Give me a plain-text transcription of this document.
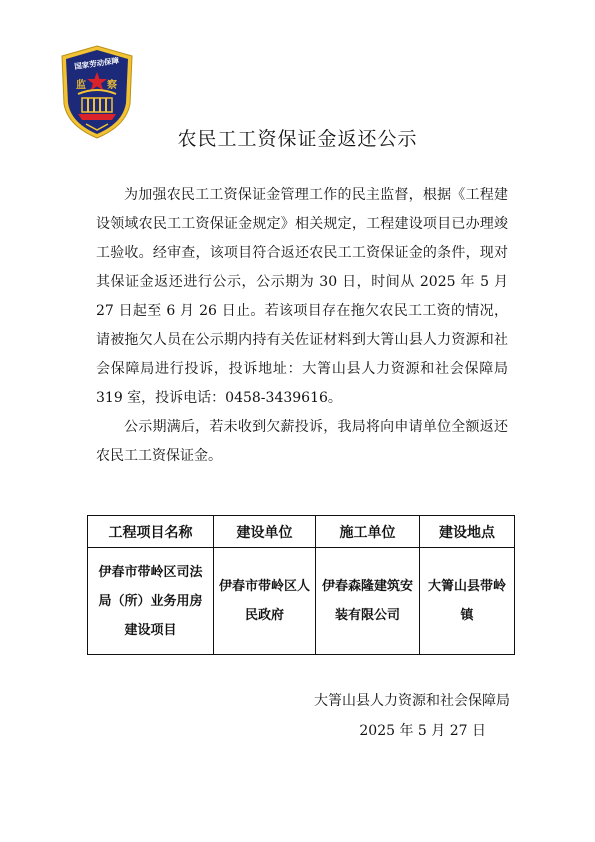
国家劳动保障
监 察
农民工工资保证金返还公示

为加强农民工工资保证金管理工作的民主监督，根据《工程建设领域农民工工资保证金规定》相关规定，工程建设项目已办理竣工验收。经审查，该项目符合返还农民工工资保证金的条件，现对其保证金返还进行公示，公示期为 30 日，时间从 2025 年 5 月 27 日起至 6 月 26 日止。若该项目存在拖欠农民工工资的情况，请被拖欠人员在公示期内持有关佐证材料到大箐山县人力资源和社会保障局进行投诉，投诉地址：大箐山县人力资源和社会保障局 319 室，投诉电话：0458-3439616。

公示期满后，若未收到欠薪投诉，我局将向申请单位全额返还农民工工资保证金。

工程项目名称	建设单位	施工单位	建设地点
伊春市带岭区司法局（所）业务用房建设项目	伊春市带岭区人民政府	伊春森隆建筑安装有限公司	大箐山县带岭镇
大箐山县人力资源和社会保障局
2025 年 5 月 27 日
